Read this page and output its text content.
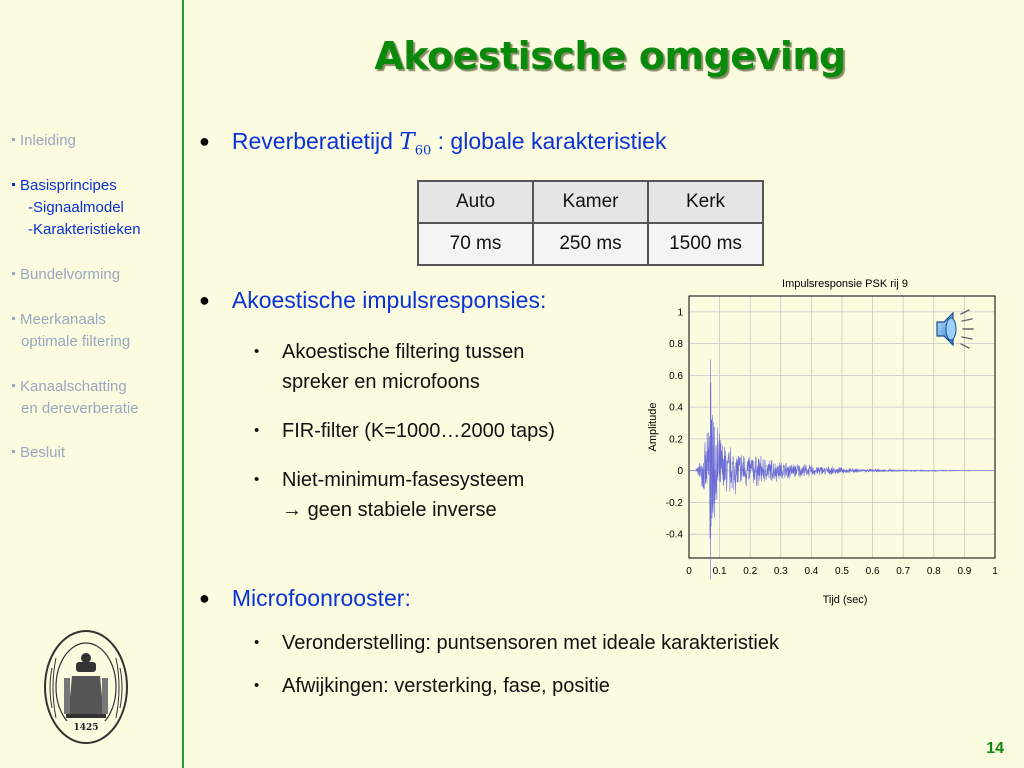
Akoestische omgeving
Inleiding
Basisprincipes
-Signaalmodel
-Karakteristieken
Bundelvorming
Meerkanaals
optimale filtering
Kanaalschatting
en dereverberatie
Besluit
1425
● Reverberatietijd $T_{60}$ : globale karakteristiek
Auto	Kamer	Kerk
70 ms	250 ms	1500 ms
● Akoestische impulsresponsies:
• Akoestische filtering tussen
spreker en microfoons
• FIR-filter (K=1000…2000 taps)
• Niet-minimum-fasesysteem
→ geen stabiele inverse
● Microfoonrooster:
• Veronderstelling: puntsensoren met ideale karakteristiek
• Afwijkingen: versterking, fase, positie
0 0.1 0.2 0.3 0.4 0.5 0.6 0.7 0.8 0.9 1
1
0.8
0.6
0.4
0.2
0
-0.2
-0.4
Impulsresponsie PSK rij 9
Tijd (sec)
Amplitude
14
